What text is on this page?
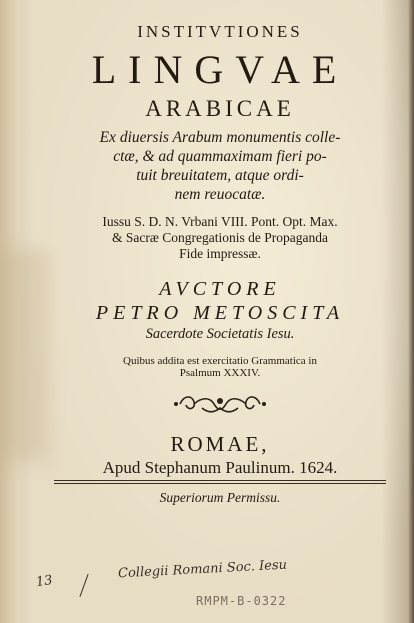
INSTITVTIONES
LINGVAE
ARABICAE
Ex diuersis Arabum monumentis colle-
ctæ, & ad quammaximam fieri po-
tuit breuitatem, atque ordi-
nem reuocatæ.
Iussu S. D. N. Vrbani VIII. Pont. Opt. Max.
& Sacræ Congregationis de Propaganda
Fide impressæ.
AVCTORE
PETRO METOSCITA
Sacerdote Societatis Iesu.
Quibus addita est exercitatio Grammatica in
Psalmum XXXIV.
ROMAE,
Apud Stephanum Paulinum. 1624.
Superiorum Permissu.
13
Collegii Romani Soc. Iesu
RMPM-B-0322
